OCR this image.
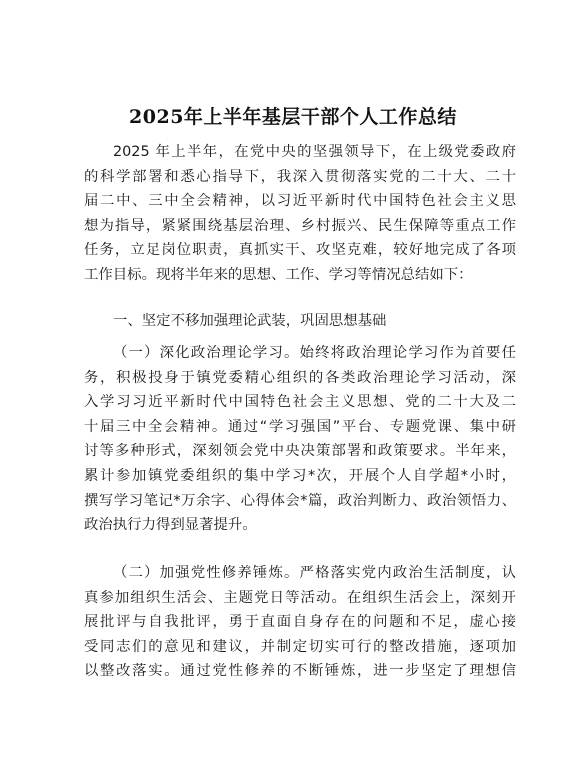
2025年上半年基层干部个人工作总结
2025 年上半年，在党中央的坚强领导下，在上级党委政府
的科学部署和悉心指导下，我深入贯彻落实党的二十大、二十
届二中、三中全会精神，以习近平新时代中国特色社会主义思
想为指导，紧紧围绕基层治理、乡村振兴、民生保障等重点工作
任务，立足岗位职责，真抓实干、攻坚克难，较好地完成了各项
工作目标。现将半年来的思想、工作、学习等情况总结如下：
一、坚定不移加强理论武装，巩固思想基础
（一）深化政治理论学习。始终将政治理论学习作为首要任
务，积极投身于镇党委精心组织的各类政治理论学习活动，深
入学习习近平新时代中国特色社会主义思想、党的二十大及二
十届三中全会精神。通过“学习强国”平台、专题党课、集中研
讨等多种形式，深刻领会党中央决策部署和政策要求。半年来，
累计参加镇党委组织的集中学习*次，开展个人自学超*小时，
撰写学习笔记*万余字、心得体会*篇，政治判断力、政治领悟力、
政治执行力得到显著提升。
（二）加强党性修养锤炼。严格落实党内政治生活制度，认
真参加组织生活会、主题党日等活动。在组织生活会上，深刻开
展批评与自我批评，勇于直面自身存在的问题和不足，虚心接
受同志们的意见和建议，并制定切实可行的整改措施，逐项加
以整改落实。通过党性修养的不断锤炼，进一步坚定了理想信
